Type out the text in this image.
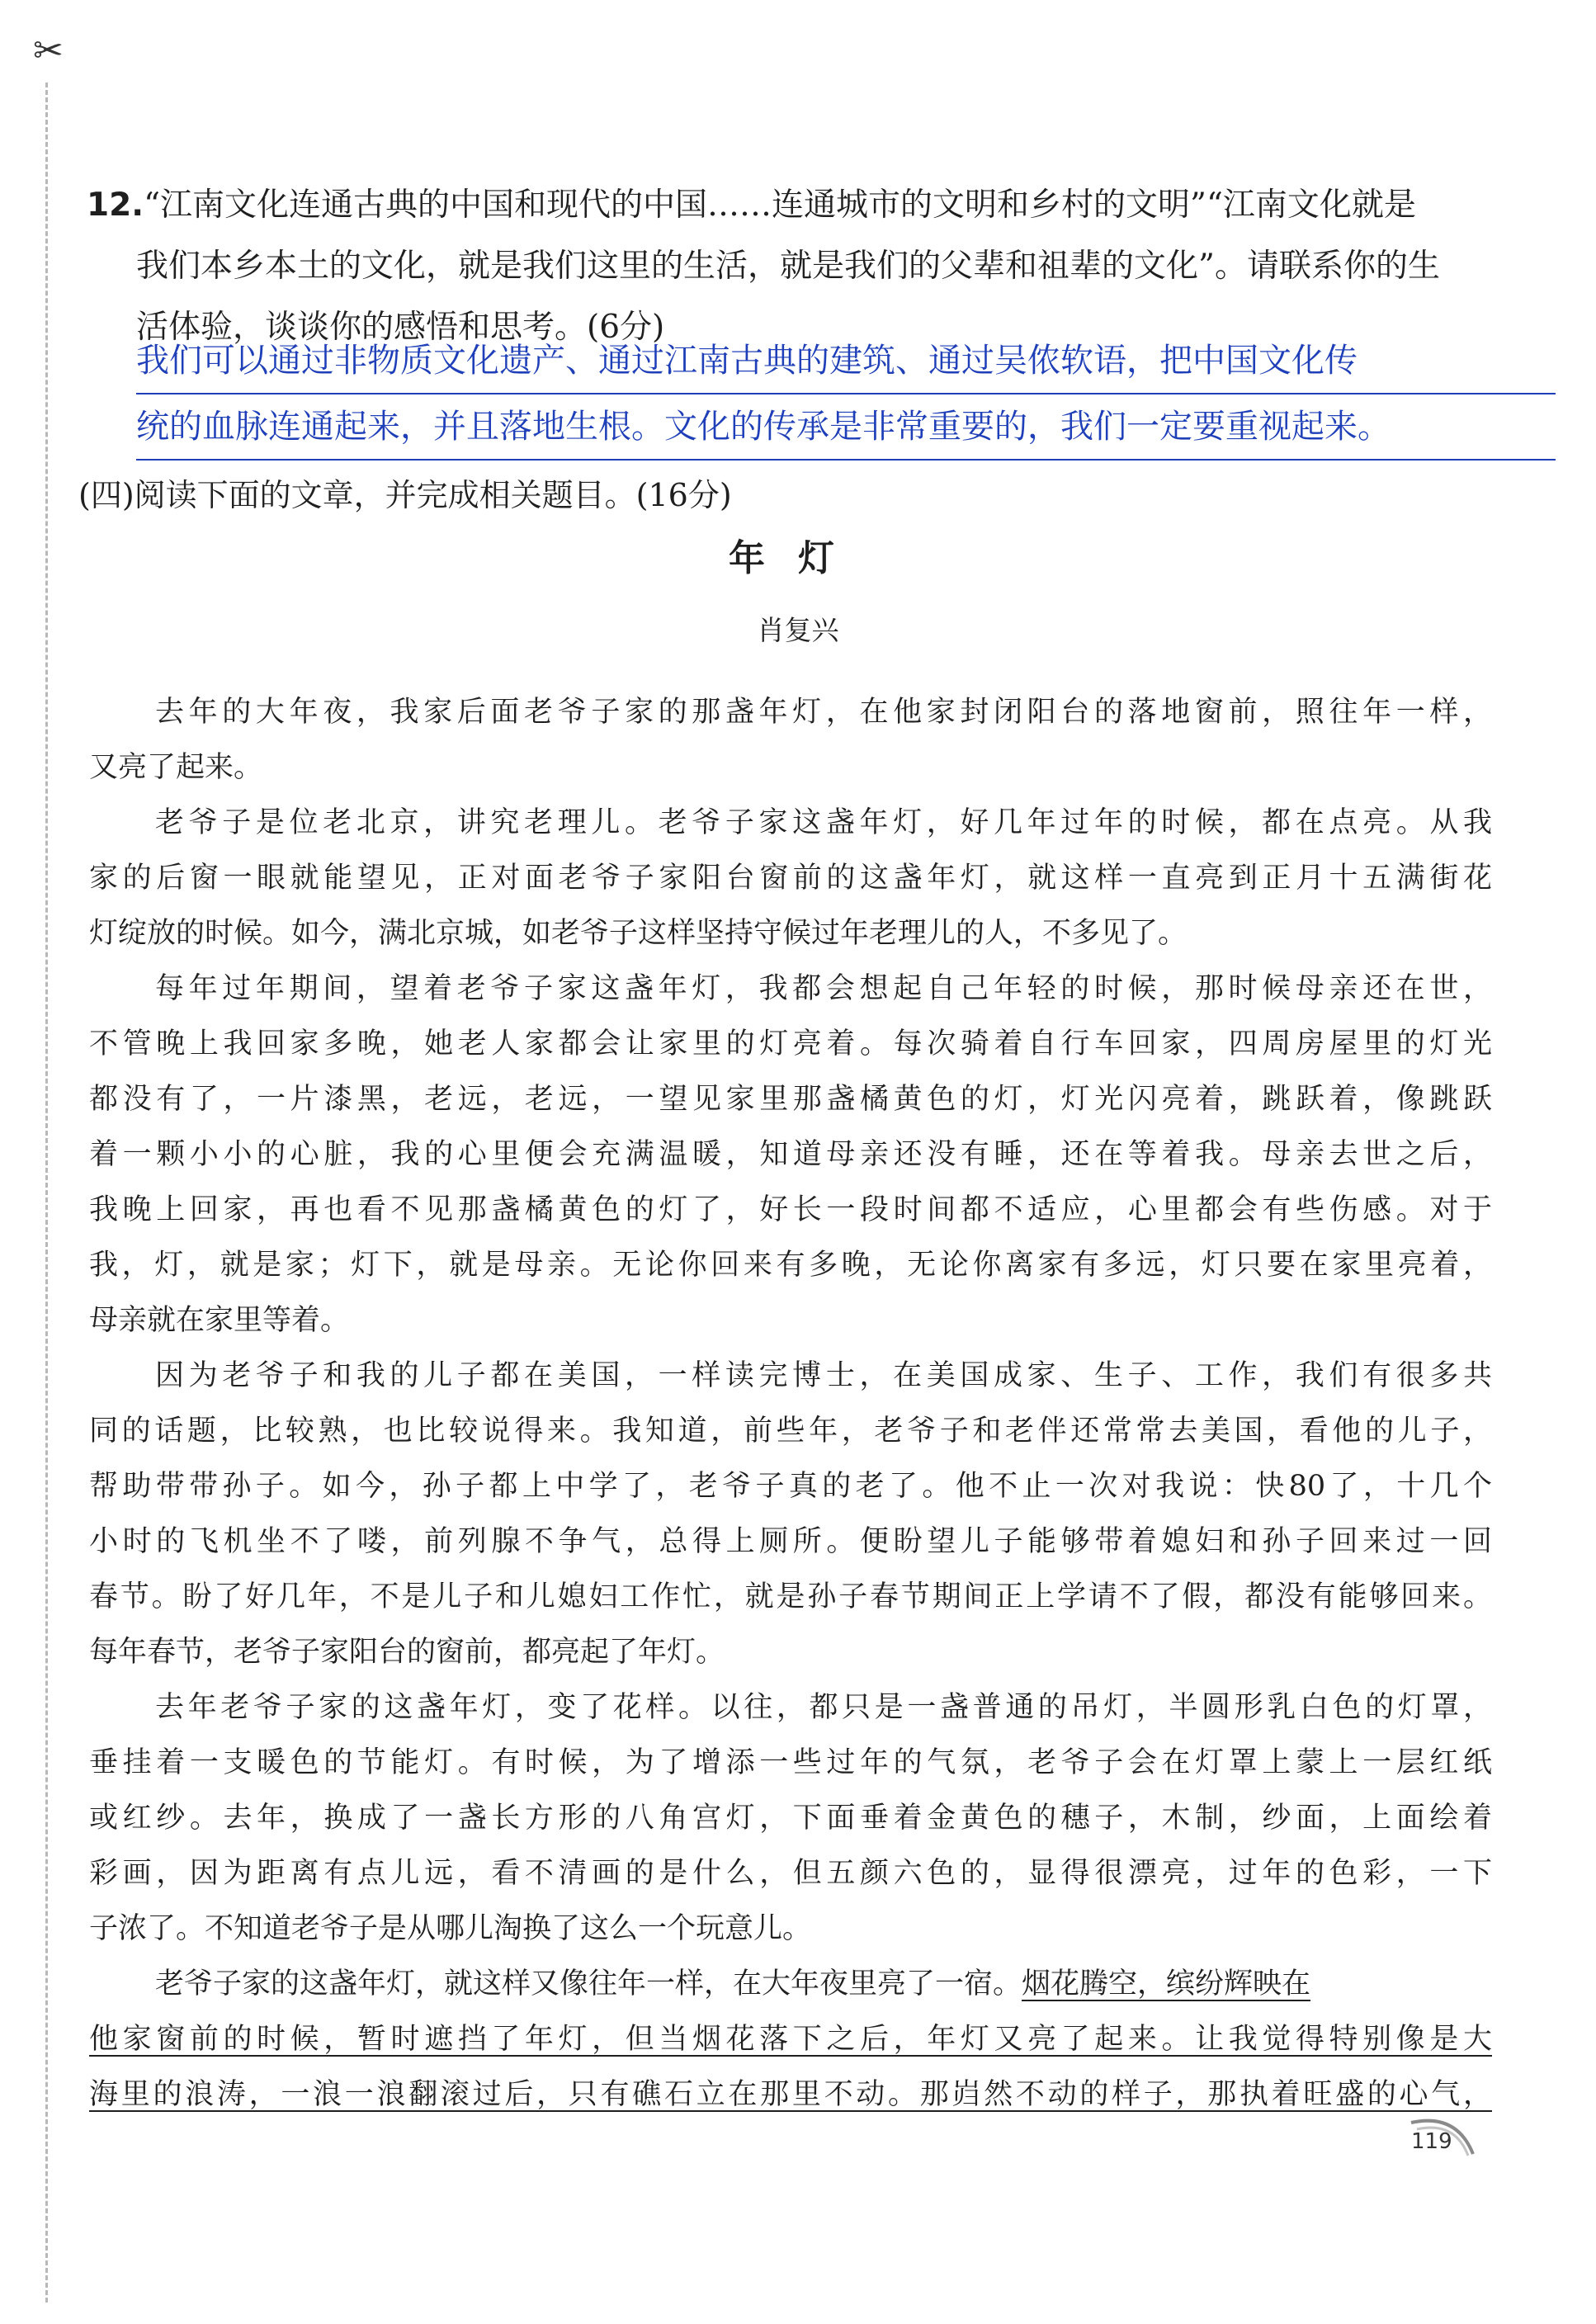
✂
12.“江南文化连通古典的中国和现代的中国……连通城市的文明和乡村的文明”“江南文化就是
我们本乡本土的文化，就是我们这里的生活，就是我们的父辈和祖辈的文化”。请联系你的生
活体验，谈谈你的感悟和思考。(6分)
我们可以通过非物质文化遗产、通过江南古典的建筑、通过吴侬软语，把中国文化传
统的血脉连通起来，并且落地生根。文化的传承是非常重要的，我们一定要重视起来。
(四)阅读下面的文章，并完成相关题目。(16分)
年灯
肖复兴
去年的大年夜，我家后面老爷子家的那盏年灯，在他家封闭阳台的落地窗前，照往年一样，
又亮了起来。
老爷子是位老北京，讲究老理儿。老爷子家这盏年灯，好几年过年的时候，都在点亮。从我
家的后窗一眼就能望见，正对面老爷子家阳台窗前的这盏年灯，就这样一直亮到正月十五满街花
灯绽放的时候。如今，满北京城，如老爷子这样坚持守候过年老理儿的人，不多见了。
每年过年期间，望着老爷子家这盏年灯，我都会想起自己年轻的时候，那时候母亲还在世，
不管晚上我回家多晚，她老人家都会让家里的灯亮着。每次骑着自行车回家，四周房屋里的灯光
都没有了，一片漆黑，老远，老远，一望见家里那盏橘黄色的灯，灯光闪亮着，跳跃着，像跳跃
着一颗小小的心脏，我的心里便会充满温暖，知道母亲还没有睡，还在等着我。母亲去世之后，
我晚上回家，再也看不见那盏橘黄色的灯了，好长一段时间都不适应，心里都会有些伤感。对于
我，灯，就是家；灯下，就是母亲。无论你回来有多晚，无论你离家有多远，灯只要在家里亮着，
母亲就在家里等着。
因为老爷子和我的儿子都在美国，一样读完博士，在美国成家、生子、工作，我们有很多共
同的话题，比较熟，也比较说得来。我知道，前些年，老爷子和老伴还常常去美国，看他的儿子，
帮助带带孙子。如今，孙子都上中学了，老爷子真的老了。他不止一次对我说：快80了，十几个
小时的飞机坐不了喽，前列腺不争气，总得上厕所。便盼望儿子能够带着媳妇和孙子回来过一回
春节。盼了好几年，不是儿子和儿媳妇工作忙，就是孙子春节期间正上学请不了假，都没有能够回来。
每年春节，老爷子家阳台的窗前，都亮起了年灯。
去年老爷子家的这盏年灯，变了花样。以往，都只是一盏普通的吊灯，半圆形乳白色的灯罩，
垂挂着一支暖色的节能灯。有时候，为了增添一些过年的气氛，老爷子会在灯罩上蒙上一层红纸
或红纱。去年，换成了一盏长方形的八角宫灯，下面垂着金黄色的穗子，木制，纱面，上面绘着
彩画，因为距离有点儿远，看不清画的是什么，但五颜六色的，显得很漂亮，过年的色彩，一下
子浓了。不知道老爷子是从哪儿淘换了这么一个玩意儿。
老爷子家的这盏年灯，就这样又像往年一样，在大年夜里亮了一宿。烟花腾空，缤纷辉映在
他家窗前的时候，暂时遮挡了年灯，但当烟花落下之后，年灯又亮了起来。让我觉得特别像是大
海里的浪涛，一浪一浪翻滚过后，只有礁石立在那里不动。那岿然不动的样子，那执着旺盛的心气，
119
